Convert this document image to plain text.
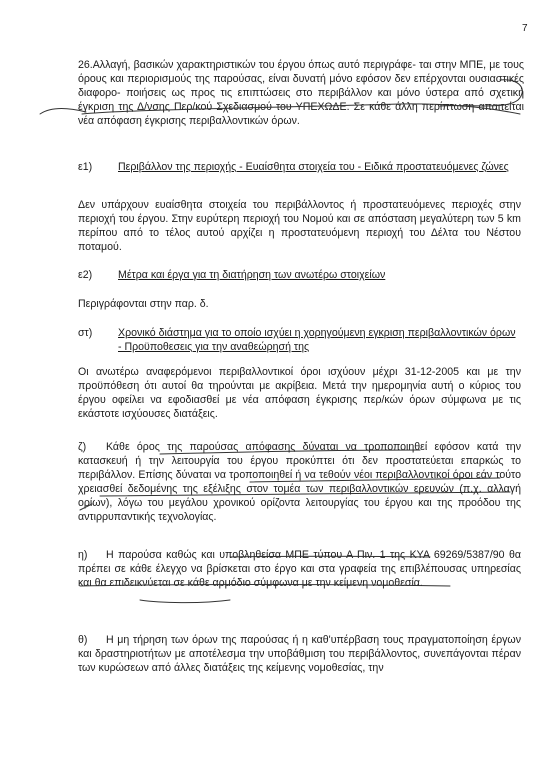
7

26.Αλλαγή, βασικών χαρακτηριστικών του έργου όπως αυτό περιγράφε- ται στην ΜΠΕ, με τους όρους και περιορισμούς της παρούσας, είναι δυνατή μόνο εφόσον δεν επέρχονται ουσιαστικές διαφορο- ποιήσεις ως προς τις επιπτώσεις στο περιβάλλον και μόνο ύστερα από σχετική έγκριση της Δ/νσης Περ/κού Σχεδιασμού του ΥΠΕΧΩΔΕ. Σε κάθε άλλη περίπτωση απαιτείται νέα απόφαση έγκρισης περιβαλλοντικών όρων.

ε1) Περιβάλλον της περιοχής - Ευαίσθητα στοιχεία του - Ειδικά προστατευόμενες ζώνες

Δεν υπάρχουν ευαίσθητα στοιχεία του περιβάλλοντος ή προστατευόμενες περιοχές στην περιοχή του έργου. Στην ευρύτερη περιοχή του Νομού και σε απόσταση μεγαλύτερη των 5 km περίπου από το τέλος αυτού αρχίζει η προστατευόμενη περιοχή του Δέλτα του Νέστου ποταμού.

ε2) Μέτρα και έργα για τη διατήρηση των ανωτέρω στοιχείων

Περιγράφονται στην παρ. δ.

στ) Χρονικό διάστημα για το οποίο ισχύει η χορηγούμενη εγκριση περιβαλλοντικών όρων - Προϋποθεσεις για την αναθεώρησή της

Οι ανωτέρω αναφερόμενοι περιβαλλοντικοί όροι ισχύουν μέχρι 31-12-2005 και με την προϋπόθεση ότι αυτοί θα τηρούνται με ακρίβεια. Μετά την ημερομηνία αυτή ο κύριος του έργου οφείλει να εφοδιασθεί με νέα απόφαση έγκρισης περ/κών όρων σύμφωνα με τις εκάστοτε ισχύουσες διατάξεις.

ζ) Κάθε όρος της παρούσας απόφασης δύναται να τροποποιηθεί εφόσον κατά την κατασκευή ή την λειτουργία του έργου προκύπτει ότι δεν προστατεύεται επαρκώς το περιβάλλον. Επίσης δύναται να τροποποιηθεί ή να τεθούν νέοι περιβαλλοντικοί όροι εάν τούτο χρειασθεί δεδομένης της εξέλιξης στον τομέα των περιβαλλοντικών ερευνών (π.χ. αλλαγή ορίων), λόγω του μεγάλου χρονικού ορίζοντα λειτουργίας του έργου και της προόδου της αντιρρυπαντικής τεχνολογίας.

η) Η παρούσα καθώς και υποβληθείσα ΜΠΕ τύπου Α Πιν. 1 της ΚΥΑ 69269/5387/90 θα πρέπει σε κάθε έλεγχο να βρίσκεται στο έργο και στα γραφεία της επιβλέπουσας υπηρεσίας και θα επιδεικνύεται σε κάθε αρμόδιο σύμφωνα με την κείμενη νομοθεσία.

θ) Η μη τήρηση των όρων της παρούσας ή η καθ'υπέρβαση τους πραγματοποίηση έργων και δραστηριοτήτων με αποτέλεσμα την υποβάθμιση του περιβάλλοντος, συνεπάγονται πέραν των κυρώσεων από άλλες διατάξεις της κείμενης νομοθεσίας, την
